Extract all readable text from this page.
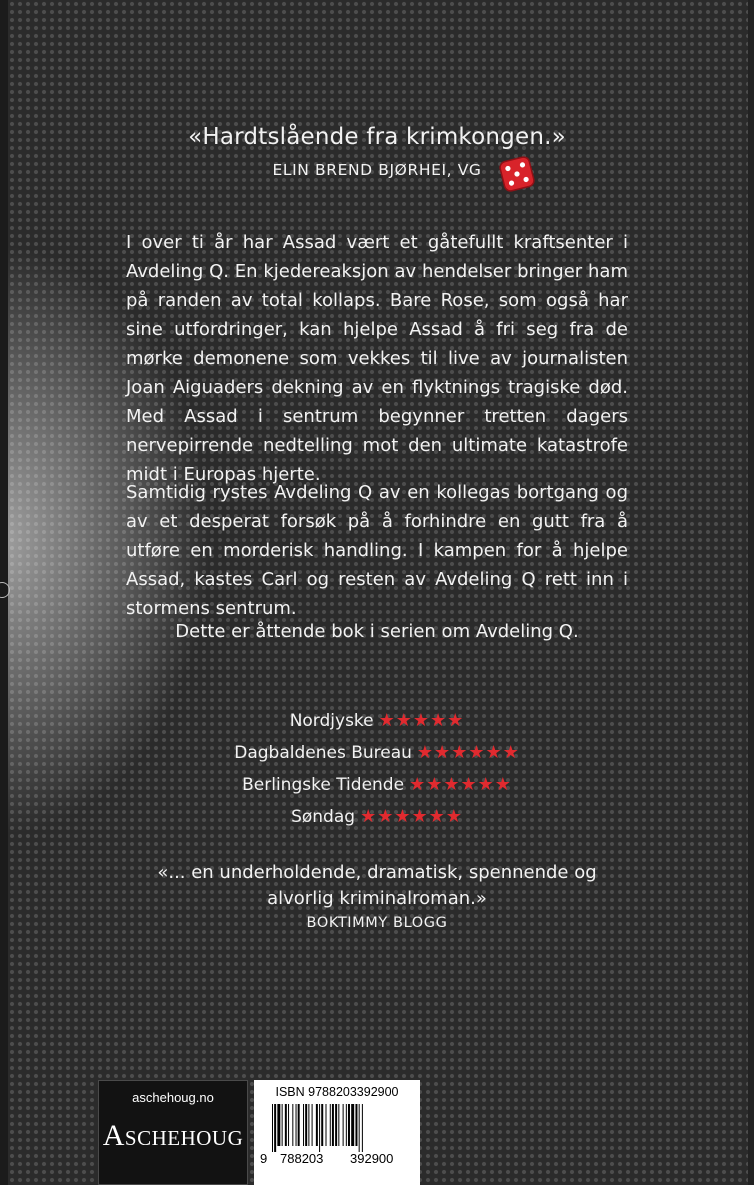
«Hardtslående fra krimkongen.»
ELIN BREND BJØRHEI, VG

I over ti år har Assad vært et gåtefullt kraftsenter i Avdeling Q. En kjedereaksjon av hendelser bringer ham på randen av total kollaps. Bare Rose, som også har sine utfordringer, kan hjelpe Assad å fri seg fra de mørke demonene som vekkes til live av journalisten Joan Aiguaders dekning av en flyktnings tragiske død. Med Assad i sentrum begynner tretten dagers nervepirrende nedtelling mot den ultimate katastrofe midt i Europas hjerte.

Samtidig rystes Avdeling Q av en kollegas bortgang og av et desperat forsøk på å forhindre en gutt fra å utføre en morderisk handling. I kampen for å hjelpe Assad, kastes Carl og resten av Avdeling Q rett inn i stormens sentrum.

Dette er åttende bok i serien om Avdeling Q.
Nordjyske ★★★★★
Dagbaldenes Bureau ★★★★★★
Berlingske Tidende ★★★★★★
Søndag ★★★★★★
«... en underholdende, dramatisk, spennende og
alvorlig kriminalroman.»
BOKTIMMY BLOGG
aschehoug.no
ASCHEHOUG
ISBN 9788203392900
9 788203 392900
